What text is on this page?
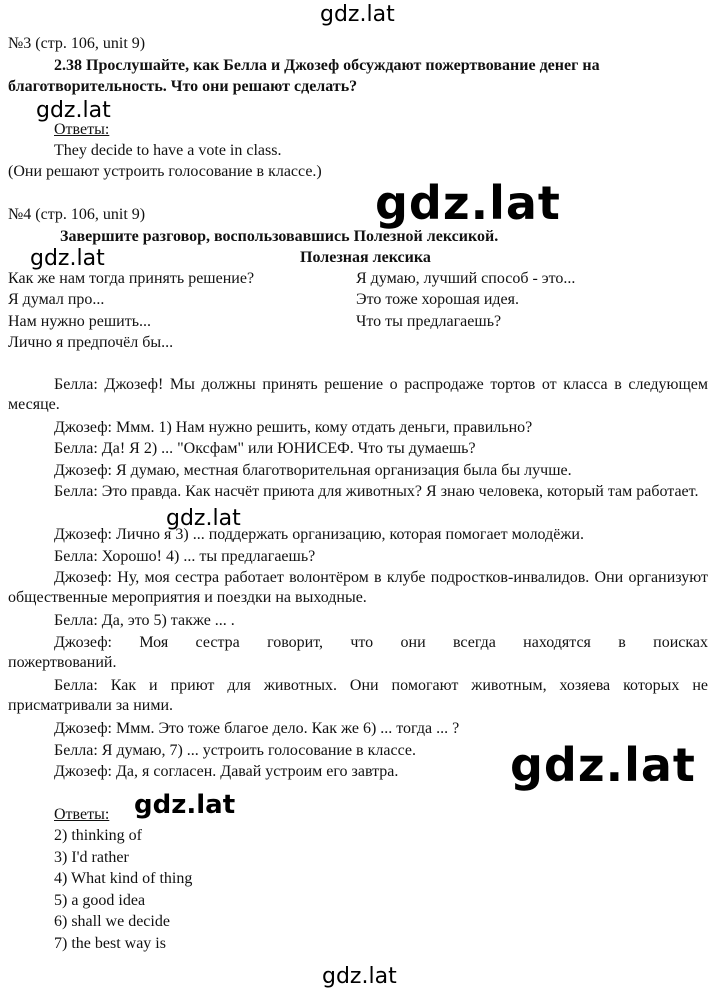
gdz.lat
gdz.lat
gdz.lat
gdz.lat
gdz.lat
gdz.lat
gdz.lat
gdz.lat
№3 (стр. 106, unit 9)
2.38 Прослушайте, как Белла и Джозеф обсуждают пожертвование денег на
благотворительность. Что они решают сделать?
Ответы:
They decide to have a vote in class.
(Они решают устроить голосование в классе.)
№4 (стр. 106, unit 9)
Завершите разговор, воспользовавшись Полезной лексикой.
Полезная лексика
Как же нам тогда принять решение?
Я думал про...
Нам нужно решить...
Лично я предпочёл бы...
Я думаю, лучший способ - это...
Это тоже хорошая идея.
Что ты предлагаешь?
Белла: Джозеф! Мы должны принять решение о распродаже тортов от класса в следующем месяце.
Джозеф: Ммм. 1) Нам нужно решить, кому отдать деньги, правильно?
Белла: Да! Я 2) ... "Оксфам" или ЮНИСЕФ. Что ты думаешь?
Джозеф: Я думаю, местная благотворительная организация была бы лучше.
Белла: Это правда. Как насчёт приюта для животных? Я знаю человека, который там работает.
Джозеф: Лично я 3) ... поддержать организацию, которая помогает молодёжи.
Белла: Хорошо! 4) ... ты предлагаешь?
Джозеф: Ну, моя сестра работает волонтёром в клубе подростков-инвалидов. Они организуют общественные мероприятия и поездки на выходные.
Белла: Да, это 5) также ... .
Джозеф: Моя сестра говорит, что они всегда находятся в поисках пожертвований.
Белла: Как и приют для животных. Они помогают животным, хозяева которых не присматривали за ними.
Джозеф: Ммм. Это тоже благое дело. Как же 6) ... тогда ... ?
Белла: Я думаю, 7) ... устроить голосование в классе.
Джозеф: Да, я согласен. Давай устроим его завтра.
Ответы:
2) thinking of
3) I'd rather
4) What kind of thing
5) a good idea
6) shall we decide
7) the best way is
